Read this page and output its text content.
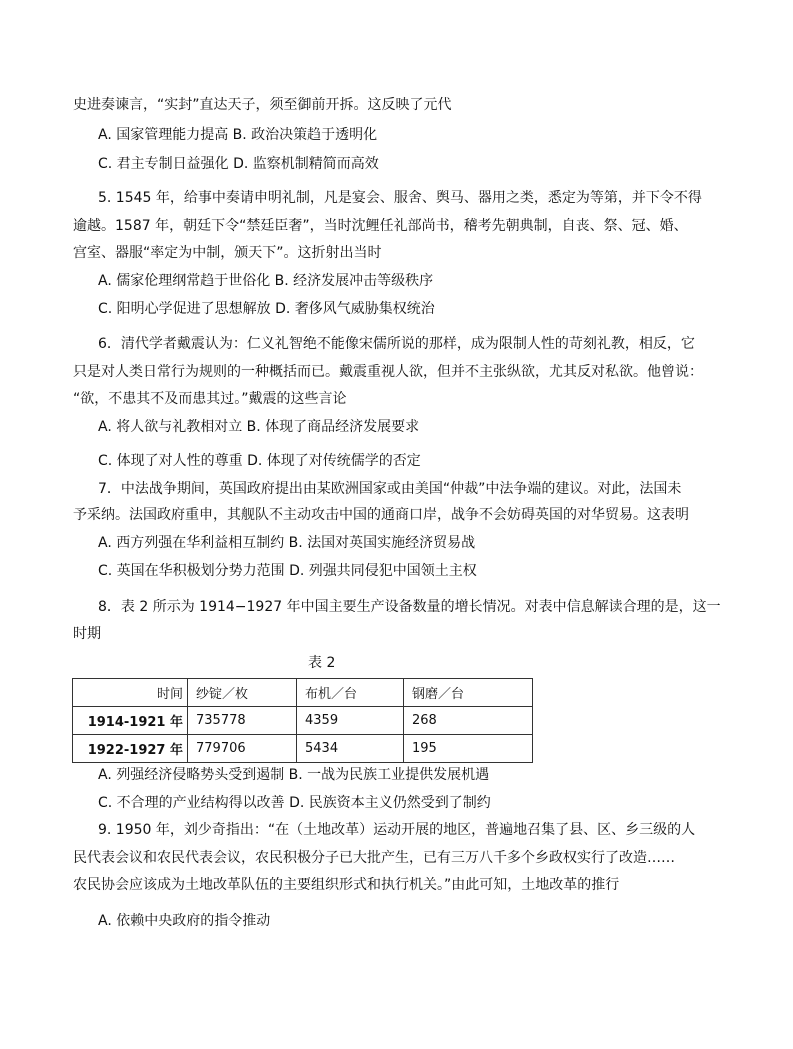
史进奏谏言，“实封”直达天子，须至御前开拆。这反映了元代
A. 国家管理能力提高 B. 政治决策趋于透明化
C. 君主专制日益强化 D. 监察机制精简而高效
5. 1545 年，给事中奏请申明礼制，凡是宴会、服舍、舆马、器用之类，悉定为等第，并下令不得
逾越。1587 年，朝廷下令“禁廷臣奢”，当时沈鲤任礼部尚书，稽考先朝典制，自丧、祭、冠、婚、
宫室、器服“率定为中制，颁天下”。这折射出当时
A. 儒家伦理纲常趋于世俗化 B. 经济发展冲击等级秩序
C. 阳明心学促进了思想解放 D. 奢侈风气威胁集权统治
6．清代学者戴震认为：仁义礼智绝不能像宋儒所说的那样，成为限制人性的苛刻礼教，相反，它
只是对人类日常行为规则的一种概括而已。戴震重视人欲，但并不主张纵欲，尤其反对私欲。他曾说：
“欲，不患其不及而患其过。”戴震的这些言论
A. 将人欲与礼教相对立 B. 体现了商品经济发展要求
C. 体现了对人性的尊重 D. 体现了对传统儒学的否定
7．中法战争期间，英国政府提出由某欧洲国家或由美国“仲裁”中法争端的建议。对此，法国未
予采纳。法国政府重申，其舰队不主动攻击中国的通商口岸，战争不会妨碍英国的对华贸易。这表明
A. 西方列强在华利益相互制约 B. 法国对英国实施经济贸易战
C. 英国在华积极划分势力范围 D. 列强共同侵犯中国领土主权
8．表 2 所示为 1914−1927 年中国主要生产设备数量的增长情况。对表中信息解读合理的是，这一
时期
表 2
时间	纱锭／枚	布机／台	钢磨／台
1914-1921 年	735778	4359	268
1922-1927 年	779706	5434	195
A. 列强经济侵略势头受到遏制 B. 一战为民族工业提供发展机遇
C. 不合理的产业结构得以改善 D. 民族资本主义仍然受到了制约
9. 1950 年，刘少奇指出：“在（土地改革）运动开展的地区，普遍地召集了县、区、乡三级的人
民代表会议和农民代表会议，农民积极分子已大批产生，已有三万八千多个乡政权实行了改造……
农民协会应该成为土地改革队伍的主要组织形式和执行机关。”由此可知，土地改革的推行
A. 依赖中央政府的指令推动
